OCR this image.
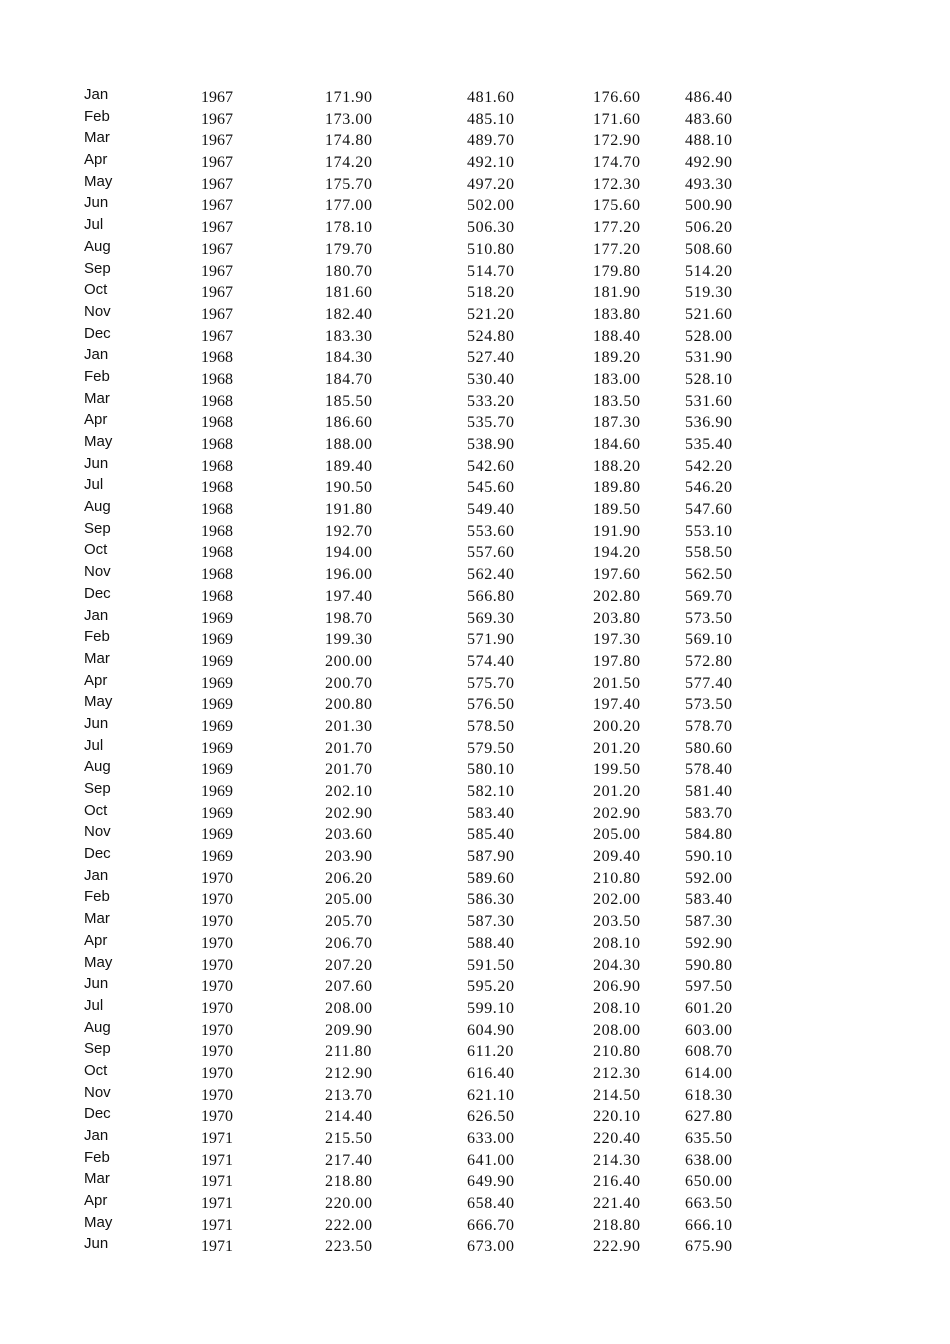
Jan	1967	171.90	481.60	176.60	486.40
Feb	1967	173.00	485.10	171.60	483.60
Mar	1967	174.80	489.70	172.90	488.10
Apr	1967	174.20	492.10	174.70	492.90
May	1967	175.70	497.20	172.30	493.30
Jun	1967	177.00	502.00	175.60	500.90
Jul	1967	178.10	506.30	177.20	506.20
Aug	1967	179.70	510.80	177.20	508.60
Sep	1967	180.70	514.70	179.80	514.20
Oct	1967	181.60	518.20	181.90	519.30
Nov	1967	182.40	521.20	183.80	521.60
Dec	1967	183.30	524.80	188.40	528.00
Jan	1968	184.30	527.40	189.20	531.90
Feb	1968	184.70	530.40	183.00	528.10
Mar	1968	185.50	533.20	183.50	531.60
Apr	1968	186.60	535.70	187.30	536.90
May	1968	188.00	538.90	184.60	535.40
Jun	1968	189.40	542.60	188.20	542.20
Jul	1968	190.50	545.60	189.80	546.20
Aug	1968	191.80	549.40	189.50	547.60
Sep	1968	192.70	553.60	191.90	553.10
Oct	1968	194.00	557.60	194.20	558.50
Nov	1968	196.00	562.40	197.60	562.50
Dec	1968	197.40	566.80	202.80	569.70
Jan	1969	198.70	569.30	203.80	573.50
Feb	1969	199.30	571.90	197.30	569.10
Mar	1969	200.00	574.40	197.80	572.80
Apr	1969	200.70	575.70	201.50	577.40
May	1969	200.80	576.50	197.40	573.50
Jun	1969	201.30	578.50	200.20	578.70
Jul	1969	201.70	579.50	201.20	580.60
Aug	1969	201.70	580.10	199.50	578.40
Sep	1969	202.10	582.10	201.20	581.40
Oct	1969	202.90	583.40	202.90	583.70
Nov	1969	203.60	585.40	205.00	584.80
Dec	1969	203.90	587.90	209.40	590.10
Jan	1970	206.20	589.60	210.80	592.00
Feb	1970	205.00	586.30	202.00	583.40
Mar	1970	205.70	587.30	203.50	587.30
Apr	1970	206.70	588.40	208.10	592.90
May	1970	207.20	591.50	204.30	590.80
Jun	1970	207.60	595.20	206.90	597.50
Jul	1970	208.00	599.10	208.10	601.20
Aug	1970	209.90	604.90	208.00	603.00
Sep	1970	211.80	611.20	210.80	608.70
Oct	1970	212.90	616.40	212.30	614.00
Nov	1970	213.70	621.10	214.50	618.30
Dec	1970	214.40	626.50	220.10	627.80
Jan	1971	215.50	633.00	220.40	635.50
Feb	1971	217.40	641.00	214.30	638.00
Mar	1971	218.80	649.90	216.40	650.00
Apr	1971	220.00	658.40	221.40	663.50
May	1971	222.00	666.70	218.80	666.10
Jun	1971	223.50	673.00	222.90	675.90
